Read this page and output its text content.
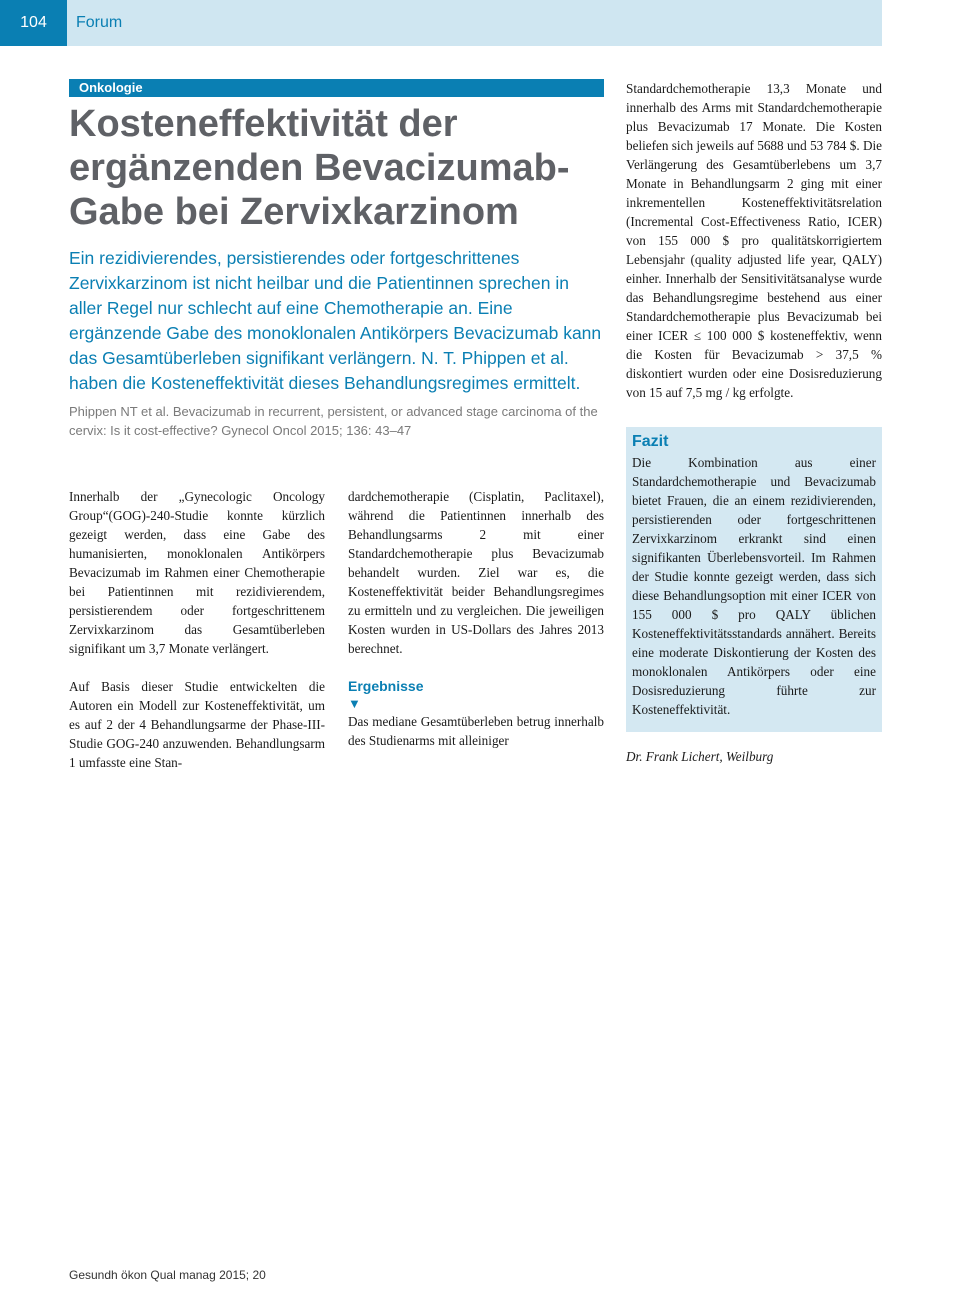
104	Forum
Onkologie
Kosteneffektivität der ergänzenden Bevacizumab-Gabe bei Zervixkarzinom

Ein rezidivierendes, persistierendes oder fortgeschrittenes Zervixkarzinom ist nicht heilbar und die Patientinnen sprechen in aller Regel nur schlecht auf eine Chemotherapie an. Eine ergänzende Gabe des monoklonalen Antikörpers Bevacizumab kann das Gesamtüberleben signifikant verlängern. N. T. Phippen et al. haben die Kosteneffektivität dieses Behandlungsregimes ermittelt.

Phippen NT et al. Bevacizumab in recurrent, persistent, or advanced stage carcinoma of the cervix: Is it cost-effective? Gynecol Oncol 2015; 136: 43–47

Innerhalb der „Gynecologic Oncology Group“(GOG)-240-Studie konnte kürzlich gezeigt werden, dass eine Gabe des humanisierten, monoklonalen Antikörpers Bevacizumab im Rahmen einer Chemotherapie bei Patientinnen mit rezidivierendem, persistierendem oder fortgeschrittenem Zervixkarzinom das Gesamtüberleben signifikant um 3,7 Monate verlängert.

Auf Basis dieser Studie entwickelten die Autoren ein Modell zur Kosteneffektivität, um es auf 2 der 4 Behandlungsarme der Phase-III-Studie GOG-240 anzuwenden. Behandlungsarm 1 umfasste eine Stan-

dardchemotherapie (Cisplatin, Paclitaxel), während die Patientinnen innerhalb des Behandlungsarms 2 mit einer Standardchemotherapie plus Bevacizumab behandelt wurden. Ziel war es, die Kosteneffektivität beider Behandlungsregimes zu ermitteln und zu vergleichen. Die jeweiligen Kosten wurden in US-Dollars des Jahres 2013 berechnet.

Ergebnisse
▼

Das mediane Gesamtüberleben betrug innerhalb des Studienarms mit alleiniger

Standardchemotherapie 13,3 Monate und innerhalb des Arms mit Standardchemotherapie plus Bevacizumab 17 Monate. Die Kosten beliefen sich jeweils auf 5688 und 53 784 $. Die Verlängerung des Gesamtüberlebens um 3,7 Monate in Behandlungsarm 2 ging mit einer inkrementellen Kosteneffektivitätsrelation (Incremental Cost-Effectiveness Ratio, ICER) von 155 000 $ pro qualitätskorrigiertem Lebensjahr (quality adjusted life year, QALY) einher. Innerhalb der Sensitivitätsanalyse wurde das Behandlungsregime bestehend aus einer Standardchemotherapie plus Bevacizumab bei einer ICER ≤ 100 000 $ kosteneffektiv, wenn die Kosten für Bevacizumab > 37,5 % diskontiert wurden oder eine Dosisreduzierung von 15 auf 7,5 mg / kg erfolgte.

Fazit

Die Kombination aus einer Standardchemotherapie und Bevacizumab bietet Frauen, die an einem rezidivierenden, persistierenden oder fortgeschrittenen Zervixkarzinom erkrankt sind einen signifikanten Überlebensvorteil. Im Rahmen der Studie konnte gezeigt werden, dass sich diese Behandlungsoption mit einer ICER von 155 000 $ pro QALY üblichen Kosteneffektivitätsstandards annähert. Bereits eine moderate Diskontierung der Kosten des monoklonalen Antikörpers oder eine Dosisreduzierung führte zur Kosteneffektivität.

Dr. Frank Lichert, Weilburg
Gesundh ökon Qual manag 2015; 20
